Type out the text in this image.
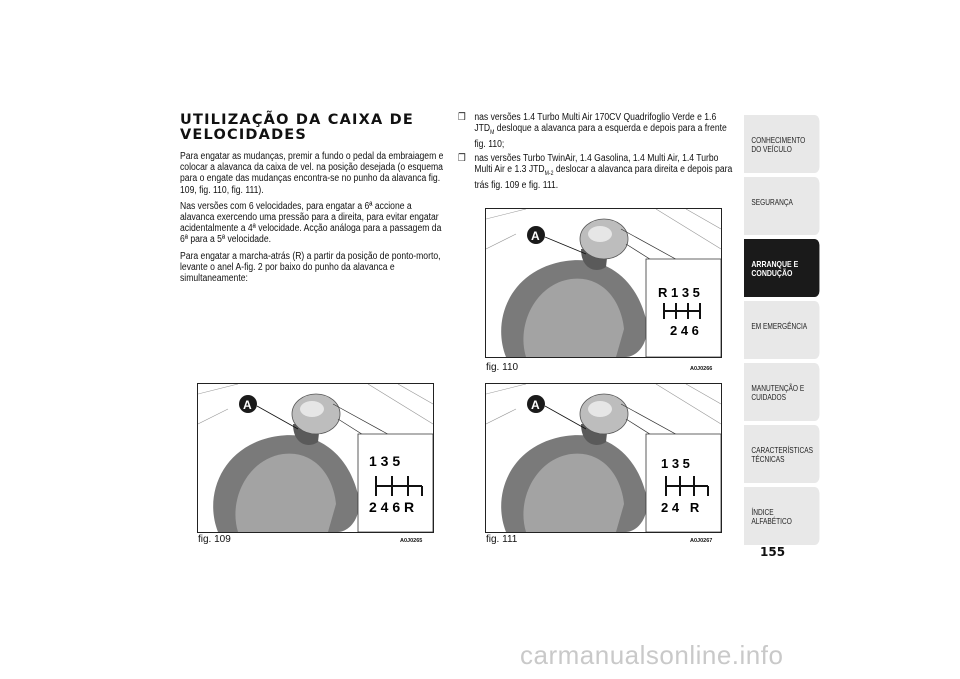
UTILIZAÇÃO DA CAIXA DE VELOCIDADES

Para engatar as mudanças, premir a fundo o pedal da embraiagem e colocar a alavanca da caixa de vel. na posição desejada (o esquema para o engate das mudanças encontra-se no punho da alavanca fig. 109, fig. 110, fig. 111).

Nas versões com 6 velocidades, para engatar a 6ª accione a alavanca exercendo uma pressão para a direita, para evitar engatar acidentalmente a 4ª velocidade. Acção análoga para a passagem da 6ª para a 5ª velocidade.

Para engatar a marcha-atrás (R) a partir da posição de ponto-morto, levante o anel A-fig. 2 por baixo do punho da alavanca e simultaneamente:

❒ nas versões 1.4 Turbo Multi Air 170CV Quadrifoglio Verde e 1.6 $JTD_M$ desloque a alavanca para a esquerda e depois para a frente fig. 110;
❒ nas versões Turbo TwinAir, 1.4 Gasolina, 1.4 Multi Air, 1.4 Turbo Multi Air e 1.3 $JTD_{M-2}$ deslocar a alavanca para direita e depois para trás fig. 109 e fig. 111.
1 3 5
2 4 6 R
A
fig. 109	A0J0265
R 1 3 5
2 4 6
A
fig. 110	A0J0266
1 3 5
2 4   R
A
fig. 111	A0J0267
CONHECIMENTO DO VEÍCULO
SEGURANÇA
ARRANQUE E CONDUÇÃO
EM EMERGÊNCIA
MANUTENÇÃO E CUIDADOS
CARACTERÍSTICAS TÉCNICAS
ÍNDICE ALFABÉTICO
155
carmanualsonline.info
